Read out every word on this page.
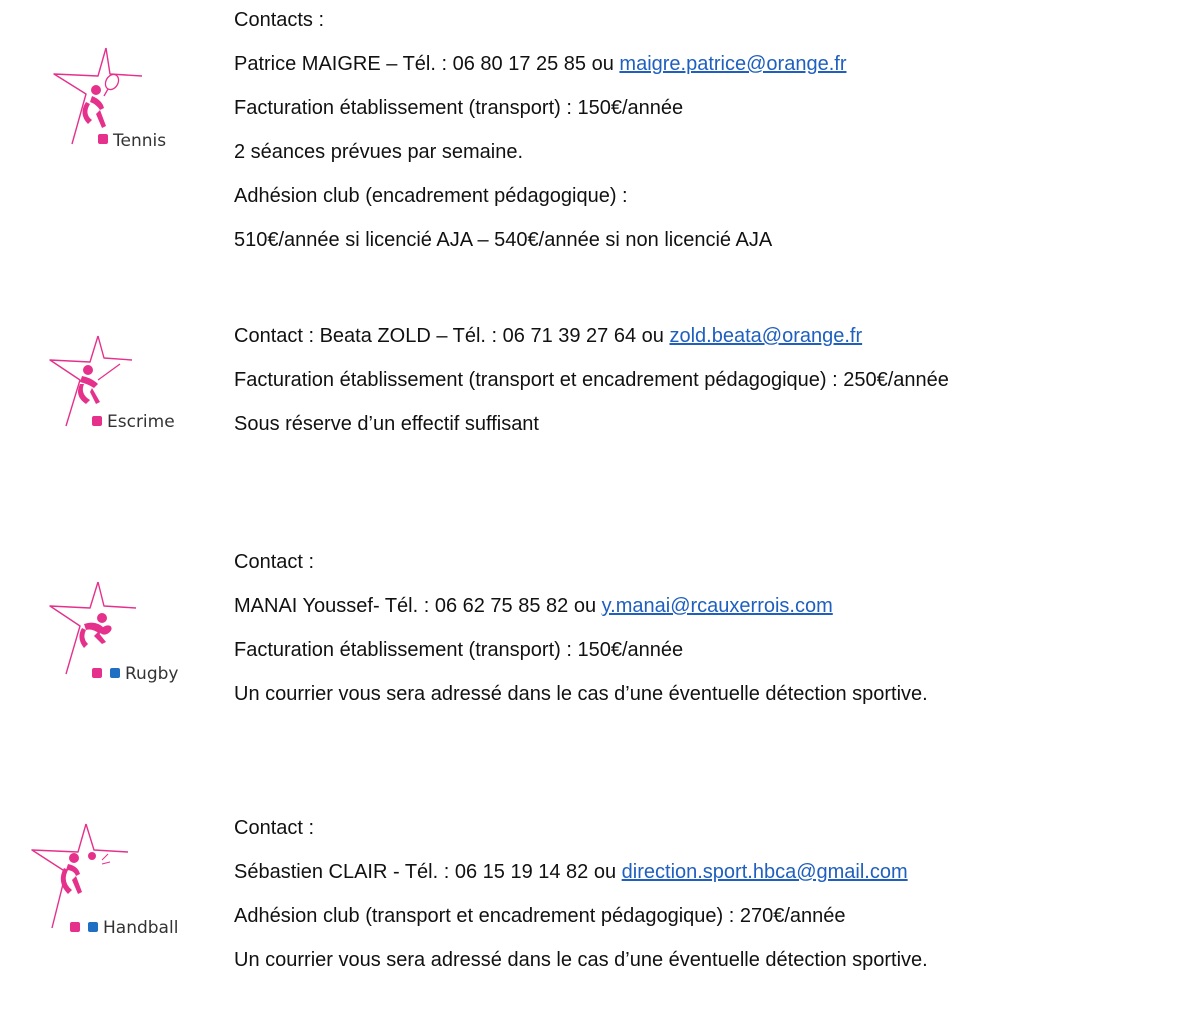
Tennis
Contacts :
Patrice MAIGRE – Tél. : 06 80 17 25 85 ou maigre.patrice@orange.fr
Facturation établissement (transport) : 150€/année
2 séances prévues par semaine.
Adhésion club (encadrement pédagogique) :
510€/année si licencié AJA – 540€/année si non licencié AJA
Escrime
Contact : Beata ZOLD – Tél. : 06 71 39 27 64 ou zold.beata@orange.fr
Facturation établissement (transport et encadrement pédagogique) : 250€/année
Sous réserve d’un effectif suffisant
Rugby
Contact :
MANAI Youssef- Tél. : 06 62 75 85 82 ou y.manai@rcauxerrois.com
Facturation établissement (transport) : 150€/année
Un courrier vous sera adressé dans le cas d’une éventuelle détection sportive.
Handball
Contact :
Sébastien CLAIR - Tél. : 06 15 19 14 82 ou direction.sport.hbca@gmail.com
Adhésion club (transport et encadrement pédagogique) : 270€/année
Un courrier vous sera adressé dans le cas d’une éventuelle détection sportive.
